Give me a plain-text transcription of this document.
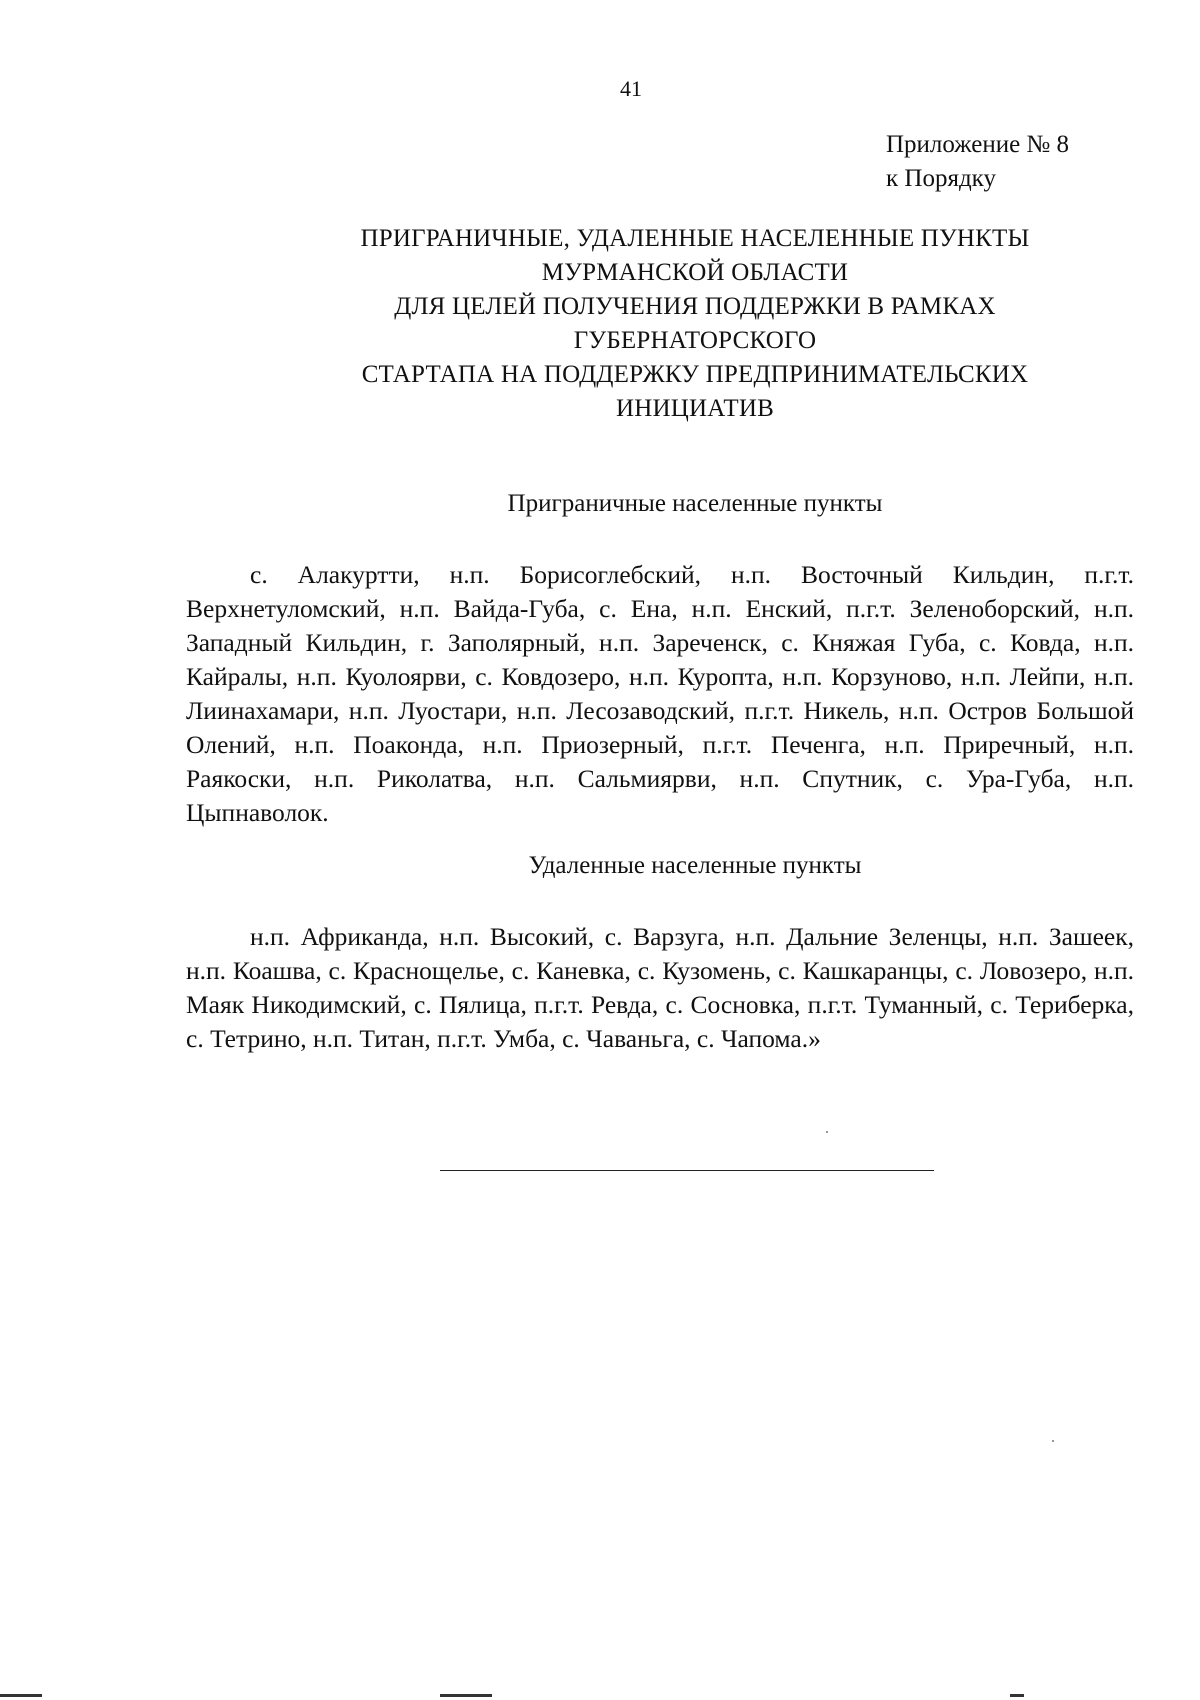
41
Приложение № 8
к Порядку
ПРИГРАНИЧНЫЕ, УДАЛЕННЫЕ НАСЕЛЕННЫЕ ПУНКТЫ
МУРМАНСКОЙ ОБЛАСТИ
ДЛЯ ЦЕЛЕЙ ПОЛУЧЕНИЯ ПОДДЕРЖКИ В РАМКАХ
ГУБЕРНАТОРСКОГО
СТАРТАПА НА ПОДДЕРЖКУ ПРЕДПРИНИМАТЕЛЬСКИХ
ИНИЦИАТИВ
Приграничные населенные пункты
с. Алакуртти, н.п. Борисоглебский, н.п. Восточный Кильдин, п.г.т. Верхнетуломский, н.п. Вайда-Губа, с. Ена, н.п. Енский, п.г.т. Зеленоборский, н.п. Западный Кильдин, г. Заполярный, н.п. Зареченск, с. Княжая Губа, с. Ковда, н.п. Кайралы, н.п. Куолоярви, с. Ковдозеро, н.п. Куропта, н.п. Корзуново, н.п. Лейпи, н.п. Лиинахамари, н.п. Луостари, н.п. Лесозаводский, п.г.т. Никель, н.п. Остров Большой Олений, н.п. Поаконда, н.п. Приозерный, п.г.т. Печенга, н.п. Приречный, н.п. Раякоски, н.п. Риколатва, н.п. Сальмиярви, н.п. Спутник, с. Ура-Губа, н.п. Цыпнаволок.
Удаленные населенные пункты
н.п. Африканда, н.п. Высокий, с. Варзуга, н.п. Дальние Зеленцы, н.п. Зашеек, н.п. Коашва, с. Краснощелье, с. Каневка, с. Кузомень, с. Кашкаранцы, с. Ловозеро, н.п. Маяк Никодимский, с. Пялица, п.г.т. Ревда, с. Сосновка, п.г.т. Туманный, с. Териберка, с. Тетрино, н.п. Титан, п.г.т. Умба, с. Чаваньга, с. Чапома.»
